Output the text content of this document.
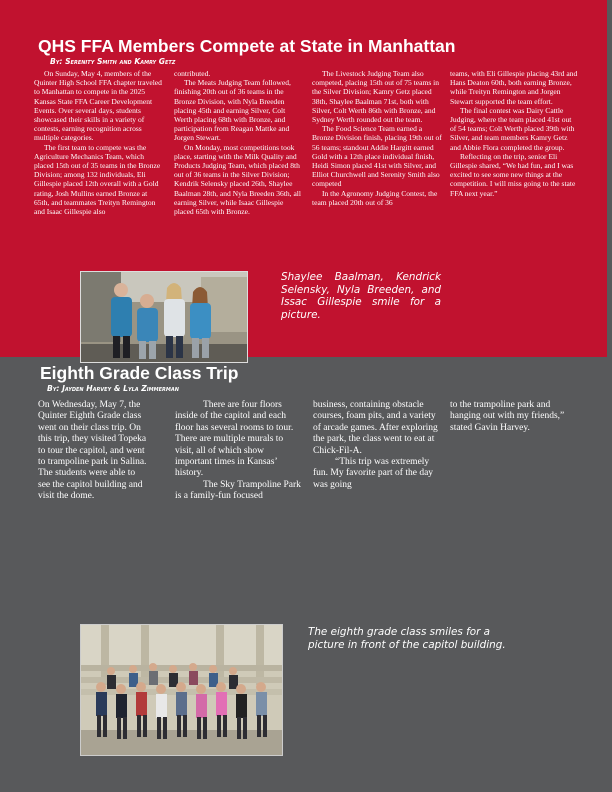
QHS FFA Members Compete at State in Manhattan
By: Serenity Smith and Kamry Getz

On Sunday, May 4, members of the Quinter High School FFA chapter traveled to Manhattan to compete in the 2025 Kansas State FFA Career Development Events. Over several days, students showcased their skills in a variety of contests, earning recognition across multiple categories.

The first team to compete was the Agriculture Mechanics Team, which placed 15th out of 35 teams in the Bronze Division; among 132 individuals, Eli Gillespie placed 12th overall with a Gold rating, Josh Mullins earned Bronze at 65th, and teammates Treityn Remington and Isaac Gillespie also

contributed.

The Meats Judging Team followed, finishing 20th out of 36 teams in the Bronze Division, with Nyla Breeden placing 45th and earning Silver, Colt Werth placing 68th with Bronze, and participation from Reagan Mattke and Jorgen Stewart.

On Monday, most competitions took place, starting with the Milk Quality and Products Judging Team, which placed 8th out of 36 teams in the Silver Division; Kendrik Selensky placed 26th, Shaylee Baalman 28th, and Nyla Breeden 36th, all earning Silver, while Isaac Gillespie placed 65th with Bronze.

The Livestock Judging Team also competed, placing 15th out of 75 teams in the Silver Division; Kamry Getz placed 38th, Shaylee Baalman 71st, both with Silver, Colt Werth 86th with Bronze, and Sydney Werth rounded out the team.

The Food Science Team earned a Bronze Division finish, placing 19th out of 56 teams; standout Addie Hargitt earned Gold with a 12th place individual finish, Heidi Simon placed 41st with Silver, and Elliot Churchwell and Serenity Smith also competed

In the Agronomy Judging Contest, the team placed 20th out of 36

teams, with Eli Gillespie placing 43rd and Hans Deaton 60th, both earning Bronze, while Treityn Remington and Jorgen Stewart supported the team effort.

The final contest was Dairy Cattle Judging, where the team placed 41st out of 54 teams; Colt Werth placed 39th with Silver, and team members Kamry Getz and Abbie Flora completed the group.

Reflecting on the trip, senior Eli Gillespie shared, “We had fun, and I was excited to see some new things at the competition. I will miss going to the state FFA next year.”

Shaylee Baalman, Kendrick Selensky, Nyla Breeden, and Issac Gillespie smile for a picture.
Eighth Grade Class Trip
By: Jayden Harvey & Lyla Zimmerman

On Wednesday, May 7, the Quinter Eighth Grade class went on their class trip. On this trip, they visited Topeka to tour the capitol, and went to trampoline park in Salina. The students were able to see the capitol building and visit the dome.

There are four floors inside of the capitol and each floor has several rooms to tour. There are multiple murals to visit, all of which show important times in Kansas’ history.

The Sky Trampoline Park is a family-fun focused

business, containing obstacle courses, foam pits, and a variety of arcade games. After exploring the park, the class went to eat at Chick-Fil-A.

“This trip was extremely fun. My favorite part of the day was going

to the trampoline park and hanging out with my friends,” stated Gavin Harvey.

The eighth grade class smiles for a picture in front of the capitol building.
